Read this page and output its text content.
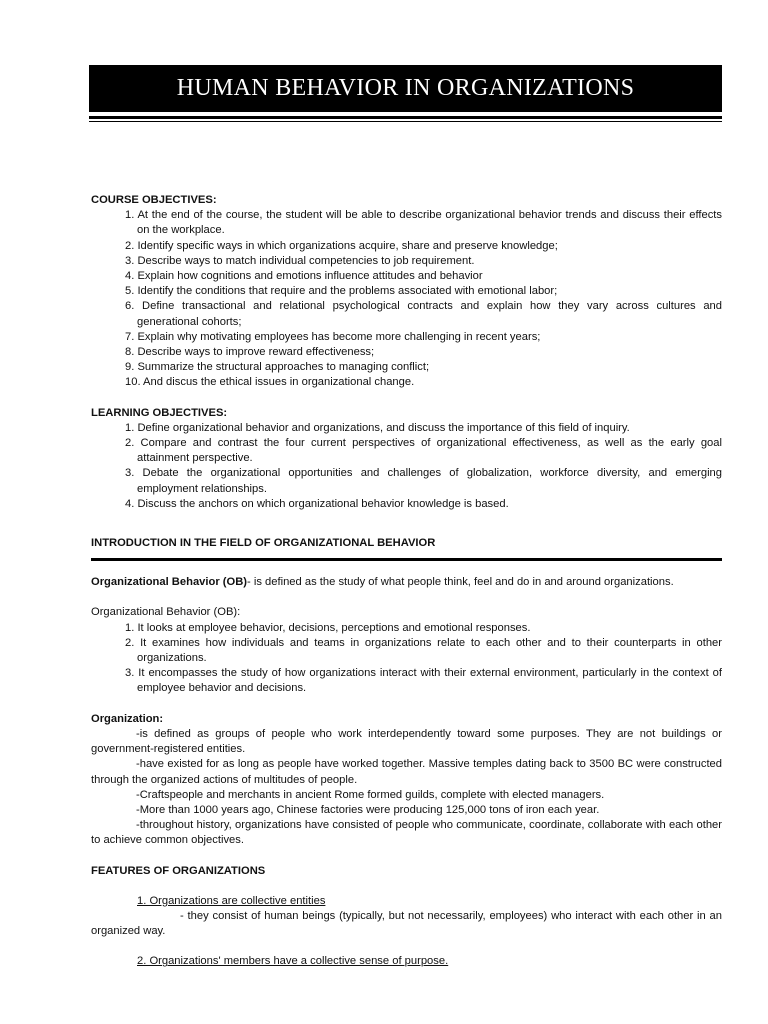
HUMAN BEHAVIOR IN ORGANIZATIONS
COURSE OBJECTIVES:
1. At the end of the course, the student will be able to describe organizational behavior trends and discuss their effects on the workplace.
2. Identify specific ways in which organizations acquire, share and preserve knowledge;
3. Describe ways to match individual competencies to job requirement.
4. Explain how cognitions and emotions influence attitudes and behavior
5. Identify the conditions that require and the problems associated with emotional labor;
6. Define transactional and relational psychological contracts and explain how they vary across cultures and generational cohorts;
7. Explain why motivating employees has become more challenging in recent years;
8. Describe ways to improve reward effectiveness;
9. Summarize the structural approaches to managing conflict;
10. And discus the ethical issues in organizational change.
LEARNING OBJECTIVES:
1. Define organizational behavior and organizations, and discuss the importance of this field of inquiry.
2. Compare and contrast the four current perspectives of organizational effectiveness, as well as the early goal attainment perspective.
3. Debate the organizational opportunities and challenges of globalization, workforce diversity, and emerging employment relationships.
4. Discuss the anchors on which organizational behavior knowledge is based.
INTRODUCTION IN THE FIELD OF ORGANIZATIONAL BEHAVIOR
Organizational Behavior (OB)- is defined as the study of what people think, feel and do in and around organizations.
Organizational Behavior (OB):
1. It looks at employee behavior, decisions, perceptions and emotional responses.
2. It examines how individuals and teams in organizations relate to each other and to their counterparts in other organizations.
3. It encompasses the study of how organizations interact with their external environment, particularly in the context of employee behavior and decisions.
Organization:
-is defined as groups of people who work interdependently toward some purposes. They are not buildings or government-registered entities.
-have existed for as long as people have worked together. Massive temples dating back to 3500 BC were constructed through the organized actions of multitudes of people.
-Craftspeople and merchants in ancient Rome formed guilds, complete with elected managers.
-More than 1000 years ago, Chinese factories were producing 125,000 tons of iron each year.
-throughout history, organizations have consisted of people who communicate, coordinate, collaborate with each other to achieve common objectives.
FEATURES OF ORGANIZATIONS
1. Organizations are collective entities
- they consist of human beings (typically, but not necessarily, employees) who interact with each other in an organized way.
2. Organizations' members have a collective sense of purpose.
